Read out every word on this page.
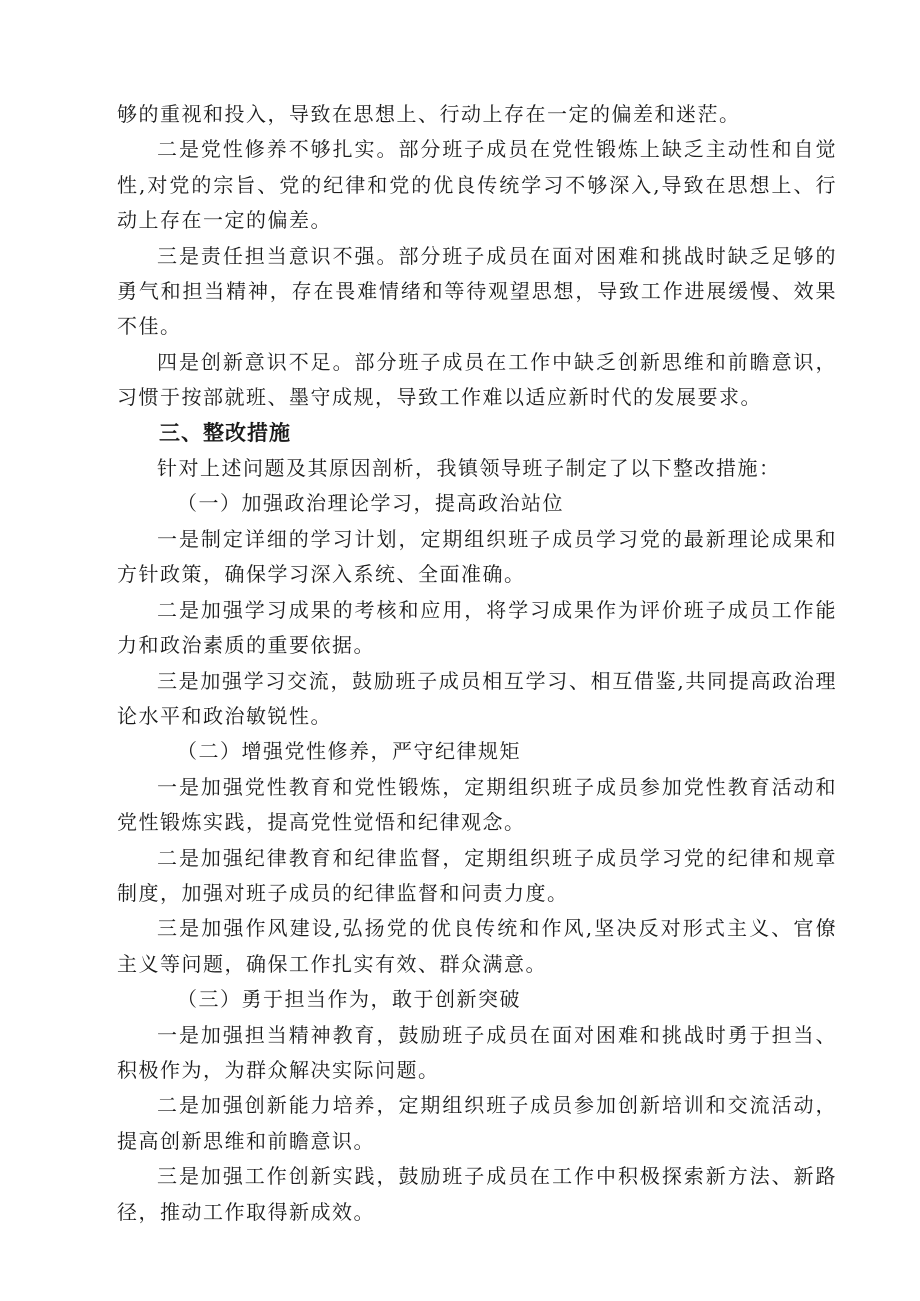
够的重视和投入，导致在思想上、行动上存在一定的偏差和迷茫。

二是党性修养不够扎实。部分班子成员在党性锻炼上缺乏主动性和自觉性,对党的宗旨、党的纪律和党的优良传统学习不够深入,导致在思想上、行动上存在一定的偏差。

三是责任担当意识不强。部分班子成员在面对困难和挑战时缺乏足够的勇气和担当精神，存在畏难情绪和等待观望思想，导致工作进展缓慢、效果不佳。

四是创新意识不足。部分班子成员在工作中缺乏创新思维和前瞻意识，习惯于按部就班、墨守成规，导致工作难以适应新时代的发展要求。

三、整改措施

针对上述问题及其原因剖析，我镇领导班子制定了以下整改措施：

（一）加强政治理论学习，提高政治站位

一是制定详细的学习计划，定期组织班子成员学习党的最新理论成果和方针政策，确保学习深入系统、全面准确。

二是加强学习成果的考核和应用，将学习成果作为评价班子成员工作能力和政治素质的重要依据。

三是加强学习交流，鼓励班子成员相互学习、相互借鉴,共同提高政治理论水平和政治敏锐性。

（二）增强党性修养，严守纪律规矩

一是加强党性教育和党性锻炼，定期组织班子成员参加党性教育活动和党性锻炼实践，提高党性觉悟和纪律观念。

二是加强纪律教育和纪律监督，定期组织班子成员学习党的纪律和规章制度，加强对班子成员的纪律监督和问责力度。

三是加强作风建设,弘扬党的优良传统和作风,坚决反对形式主义、官僚主义等问题，确保工作扎实有效、群众满意。

（三）勇于担当作为，敢于创新突破

一是加强担当精神教育，鼓励班子成员在面对困难和挑战时勇于担当、积极作为，为群众解决实际问题。

二是加强创新能力培养，定期组织班子成员参加创新培训和交流活动，提高创新思维和前瞻意识。

三是加强工作创新实践，鼓励班子成员在工作中积极探索新方法、新路径，推动工作取得新成效。
